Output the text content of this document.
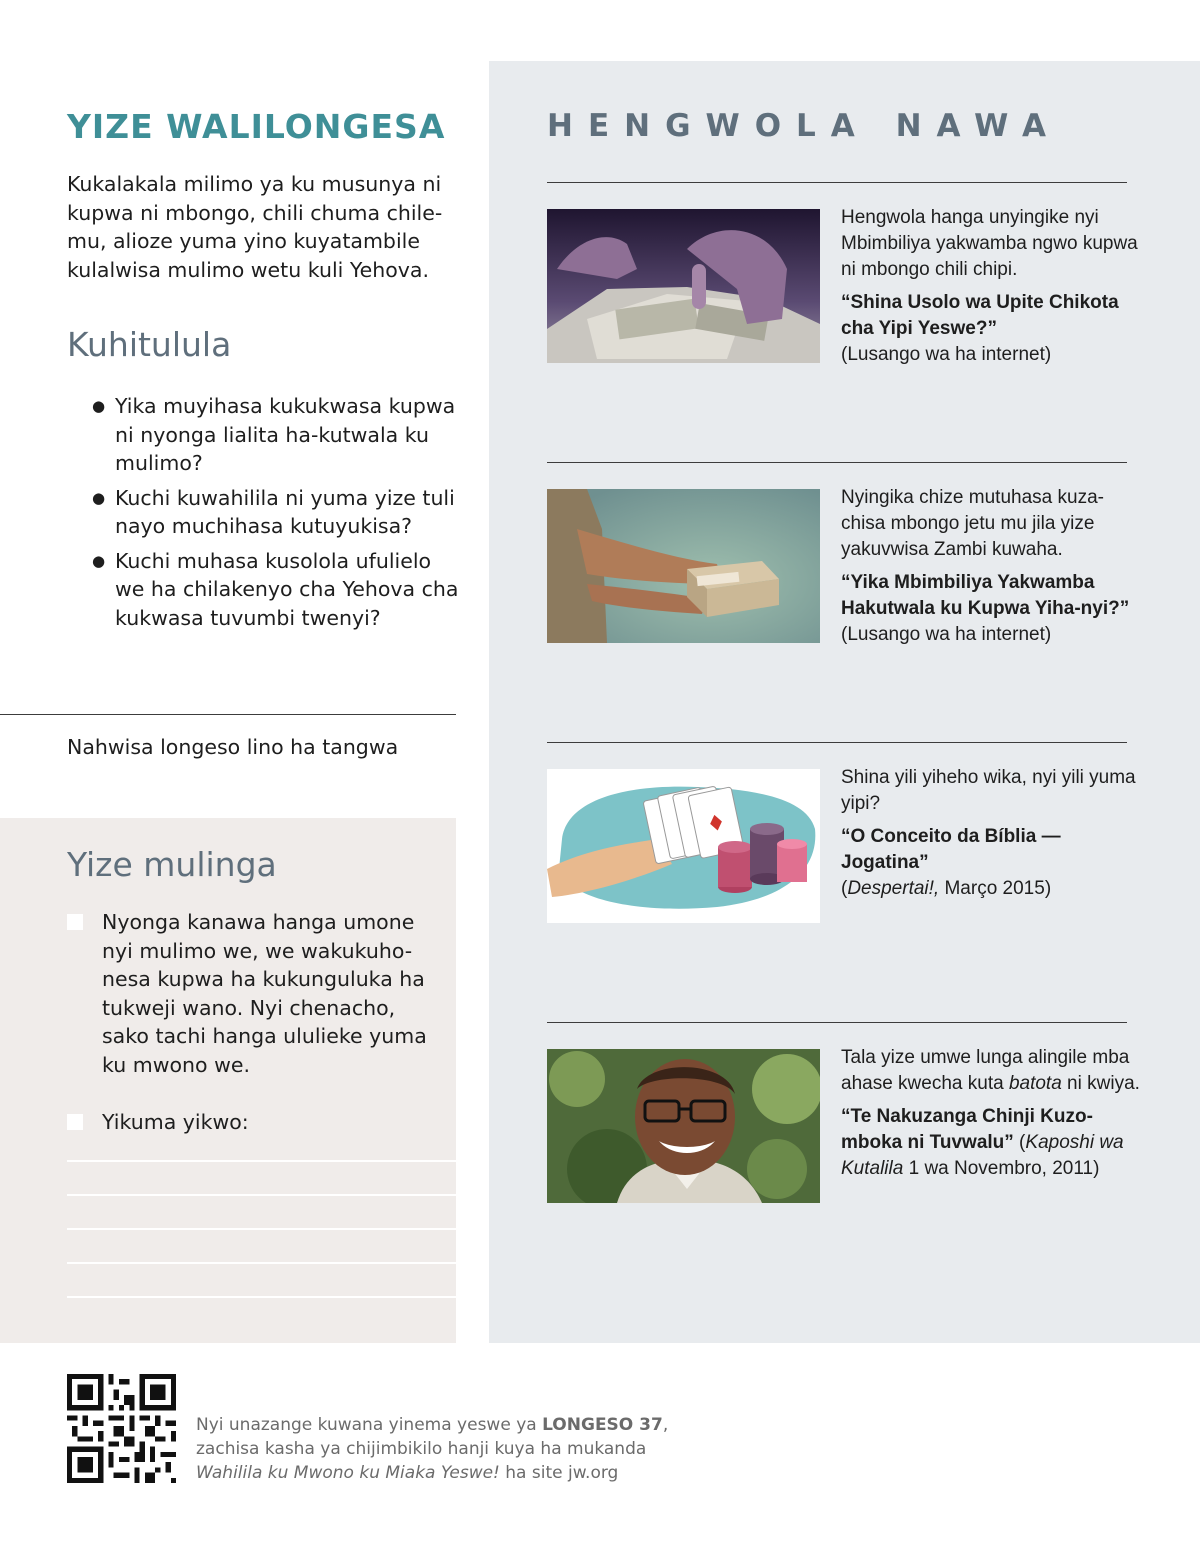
YIZE WALILONGESA

Kukalakala milimo ya ku musunya ni kupwa ni mbongo, chili chuma chile-mu, alioze yuma yino kuyatambile kulalwisa mulimo wetu kuli Yehova.

Kuhitulula
● Yika muyihasa kukukwasa kupwa ni nyonga lialita ha-kutwala ku mulimo?
● Kuchi kuwahilila ni yuma yize tuli nayo muchihasa kutuyukisa?
● Kuchi muhasa kusolola ufulielo we ha chilakenyo cha Yehova cha kukwasa tuvumbi twenyi?
Nahwisa longeso lino ha tangwa
Yize mulinga
Nyonga kanawa hanga umone nyi mulimo we, we wakukuho-nesa kupwa ha kukunguluka ha tukweji wano. Nyi chenacho, sako tachi hanga ululieke yuma ku mwono we.
Yikuma yikwo:
HENGWOLA NAWA
Hengwola hanga unyingike nyi Mbimbiliya yakwamba ngwo kupwa ni mbongo chili chipi.
“Shina Usolo wa Upite Chikota cha Yipi Yeswe?”
(Lusango wa ha internet)
Nyingika chize mutuhasa kuza-chisa mbongo jetu mu jila yize yakuvwisa Zambi kuwaha.
“Yika Mbimbiliya Yakwamba Hakutwala ku Kupwa Yiha-nyi?” (Lusango wa ha internet)
Shina yili yiheho wika, nyi yili yuma yipi?
“O Conceito da Bíblia —Jogatina”
(Despertai!, Março 2015)
Tala yize umwe lunga alingile mba ahase kwecha kuta batota ni kwiya.
“Te Nakuzanga Chinji Kuzo-mboka ni Tuvwalu” (Kaposhi wa Kutalila 1 wa Novembro, 2011)
Nyi unazange kuwana yinema yeswe ya LONGESO 37, zachisa kasha ya chijimbikilo hanji kuya ha mukanda
Wahilila ku Mwono ku Miaka Yeswe! ha site jw.org
